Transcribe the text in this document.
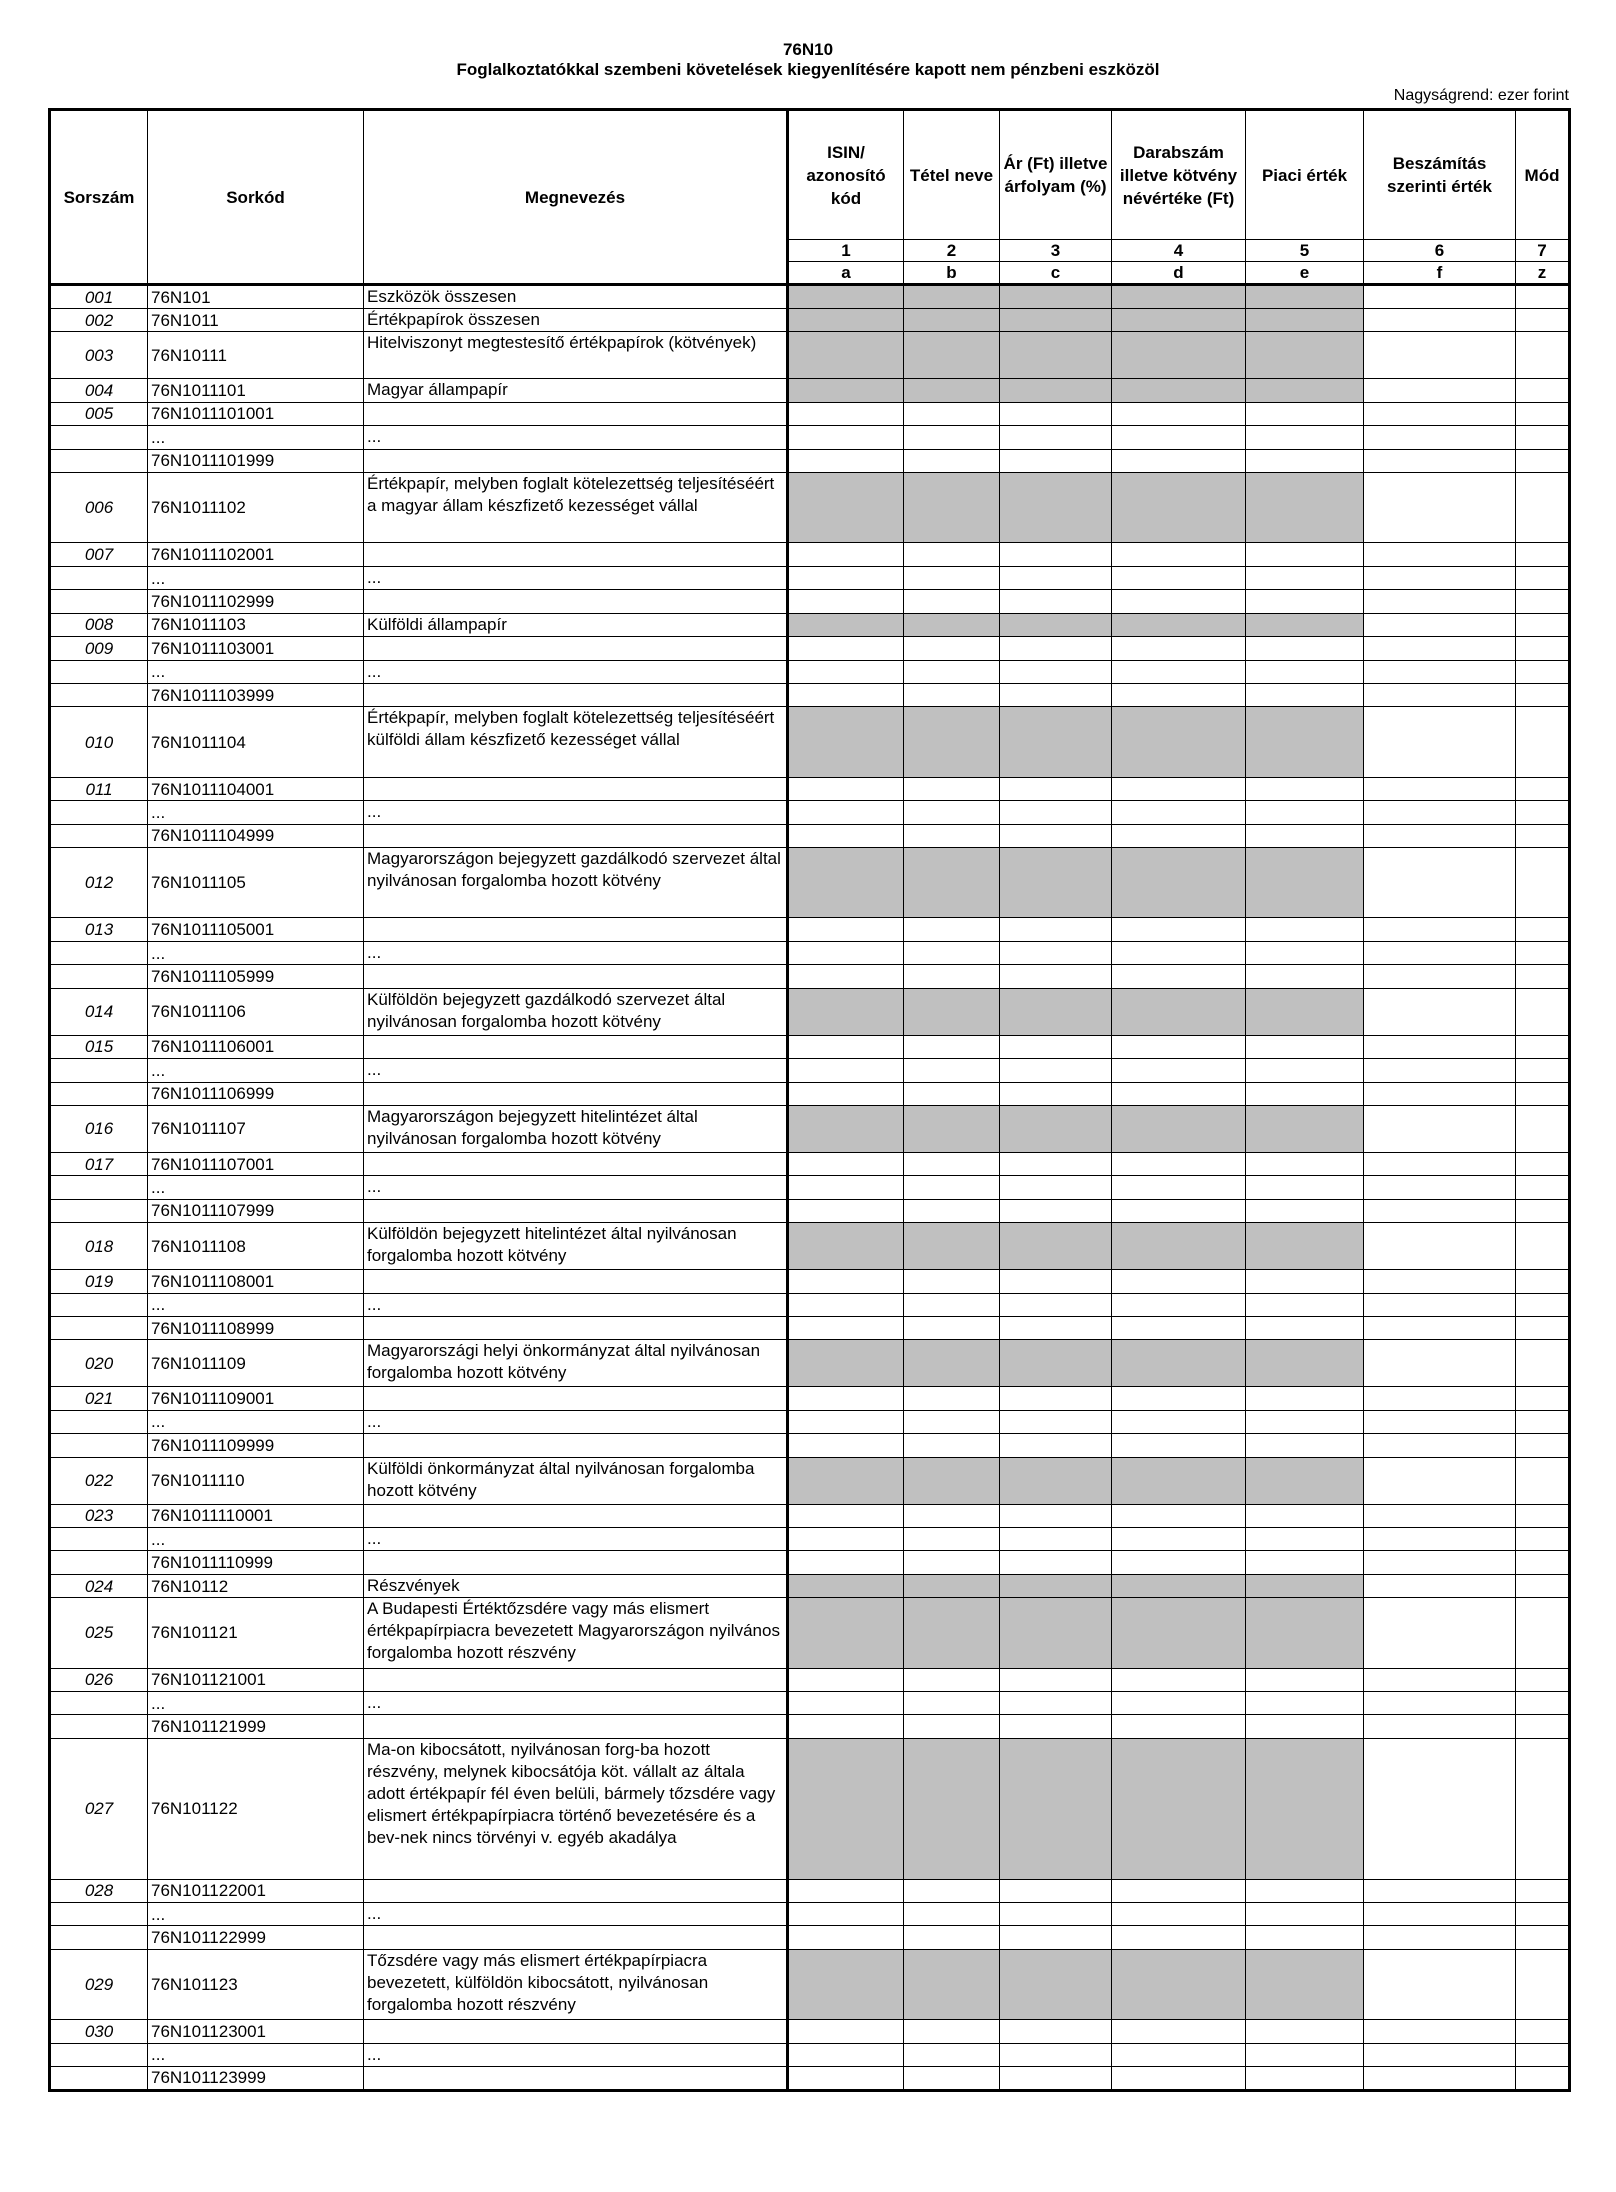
76N10
Foglalkoztatókkal szembeni követelések kiegyenlítésére kapott nem pénzbeni eszközöl
Nagyságrend: ezer forint
Sorszám	Sorkód	Megnevezés	ISIN/ azonosító kód	Tétel neve	Ár (Ft) illetve árfolyam (%)	Darabszám illetve kötvény névértéke (Ft)	Piaci érték	Beszámítás szerinti érték	Mód
			1	2	3	4	5	6	7
			a	b	c	d	e	f	z
001	76N101	Eszközök összesen							
002	76N1011	Értékpapírok összesen							
003	76N10111	Hitelviszonyt megtestesítő értékpapírok (kötvények)							
004	76N1011101	Magyar állampapír							
005	76N1011101001								
	...	...							
	76N1011101999								
006	76N1011102	Értékpapír, melyben foglalt kötelezettség teljesítéséért a magyar állam készfizető kezességet vállal							
007	76N1011102001								
	...	...							
	76N1011102999								
008	76N1011103	Külföldi állampapír							
009	76N1011103001								
	...	...							
	76N1011103999								
010	76N1011104	Értékpapír, melyben foglalt kötelezettség teljesítéséért külföldi állam készfizető kezességet vállal							
011	76N1011104001								
	...	...							
	76N1011104999								
012	76N1011105	Magyarországon bejegyzett gazdálkodó szervezet által nyilvánosan forgalomba hozott kötvény							
013	76N1011105001								
	...	...							
	76N1011105999								
014	76N1011106	Külföldön bejegyzett gazdálkodó szervezet által nyilvánosan forgalomba hozott kötvény							
015	76N1011106001								
	...	...							
	76N1011106999								
016	76N1011107	Magyarországon bejegyzett hitelintézet által nyilvánosan forgalomba hozott kötvény							
017	76N1011107001								
	...	...							
	76N1011107999								
018	76N1011108	Külföldön bejegyzett hitelintézet által nyilvánosan forgalomba hozott kötvény							
019	76N1011108001								
	...	...							
	76N1011108999								
020	76N1011109	Magyarországi helyi önkormányzat által nyilvánosan forgalomba hozott kötvény							
021	76N1011109001								
	...	...							
	76N1011109999								
022	76N1011110	Külföldi önkormányzat által nyilvánosan forgalomba hozott kötvény							
023	76N1011110001								
	...	...							
	76N1011110999								
024	76N10112	Részvények							
025	76N101121	A Budapesti Értéktőzsdére vagy más elismert értékpapírpiacra bevezetett Magyarországon nyilvános forgalomba hozott részvény							
026	76N101121001								
	...	...							
	76N101121999								
027	76N101122	Ma-on kibocsátott, nyilvánosan forg-ba hozott részvény, melynek kibocsátója köt. vállalt az általa adott értékpapír fél éven belüli, bármely tőzsdére vagy elismert értékpapírpiacra történő bevezetésére és a bev-nek nincs törvényi v. egyéb akadálya							
028	76N101122001								
	...	...							
	76N101122999								
029	76N101123	Tőzsdére vagy más elismert értékpapírpiacra bevezetett, külföldön kibocsátott, nyilvánosan forgalomba hozott részvény							
030	76N101123001								
	...	...							
	76N101123999								
